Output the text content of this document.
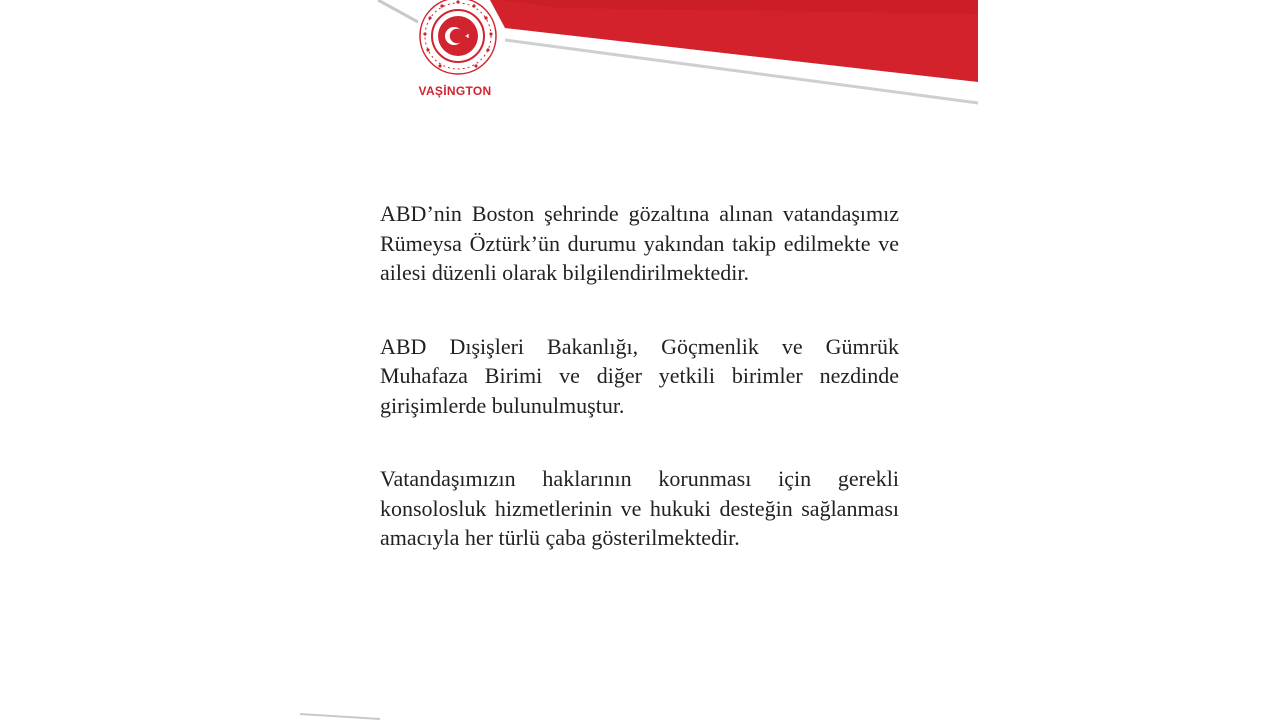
VAŞİNGTON

ABD’nin Boston şehrinde gözaltına alınan vatandaşımız Rümeysa Öztürk’ün durumu yakından takip edilmekte ve ailesi düzenli olarak bilgilendirilmektedir.

ABD Dışişleri Bakanlığı, Göçmenlik ve Gümrük Muhafaza Birimi ve diğer yetkili birimler nezdinde girişimlerde bulunulmuştur.

Vatandaşımızın haklarının korunması için gerekli konsolosluk hizmetlerinin ve hukuki desteğin sağlanması amacıyla her türlü çaba gösterilmektedir.
